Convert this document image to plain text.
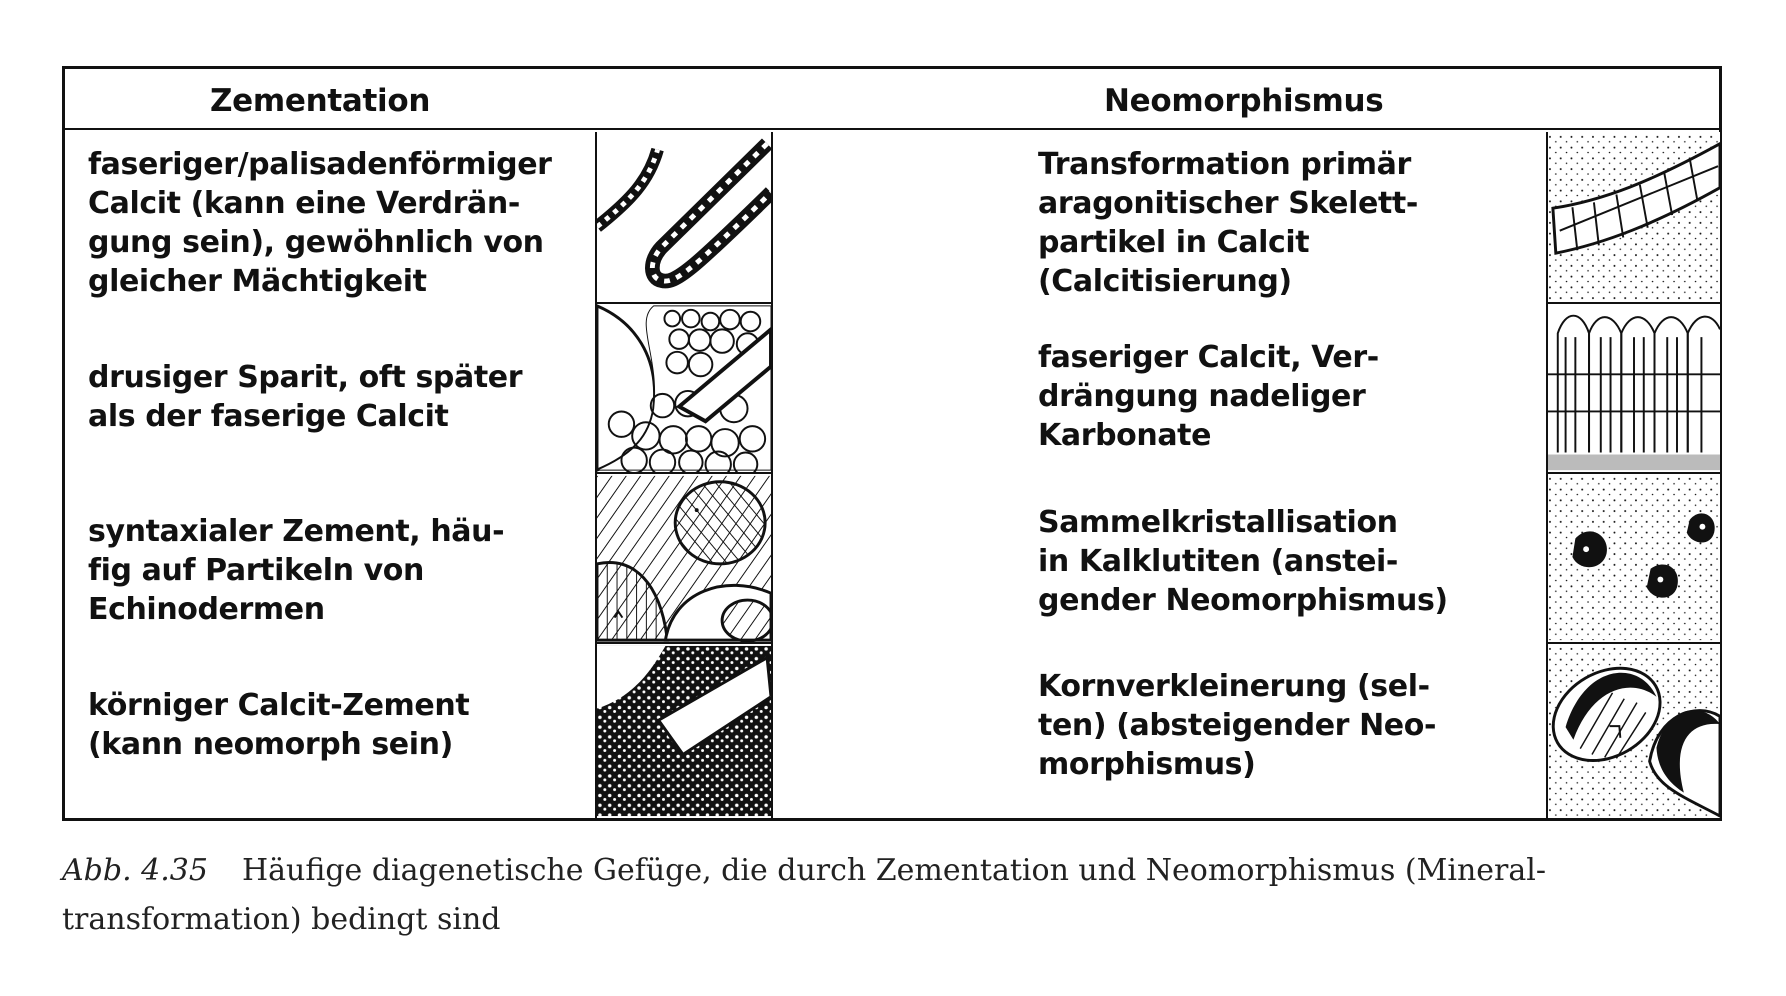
Zementation	Neomorphismus
faseriger/palisadenförmiger
Calcit (kann eine Verdrän-
gung sein), gewöhnlich von
gleicher Mächtigkeit
drusiger Sparit, oft später
als der faserige Calcit
syntaxialer Zement, häu-
fig auf Partikeln von
Echinodermen
körniger Calcit-Zement
(kann neomorph sein)
Transformation primär
aragonitischer Skelett-
partikel in Calcit
(Calcitisierung)
faseriger Calcit, Ver-
drängung nadeliger
Karbonate
Sammelkristallisation
in Kalklutiten (anstei-
gender Neomorphismus)
Kornverkleinerung (sel-
ten) (absteigender Neo-
morphismus)
Abb. 4.35 Häufige diagenetische Gefüge, die durch Zementation und Neomorphismus (Mineral-
transformation) bedingt sind
